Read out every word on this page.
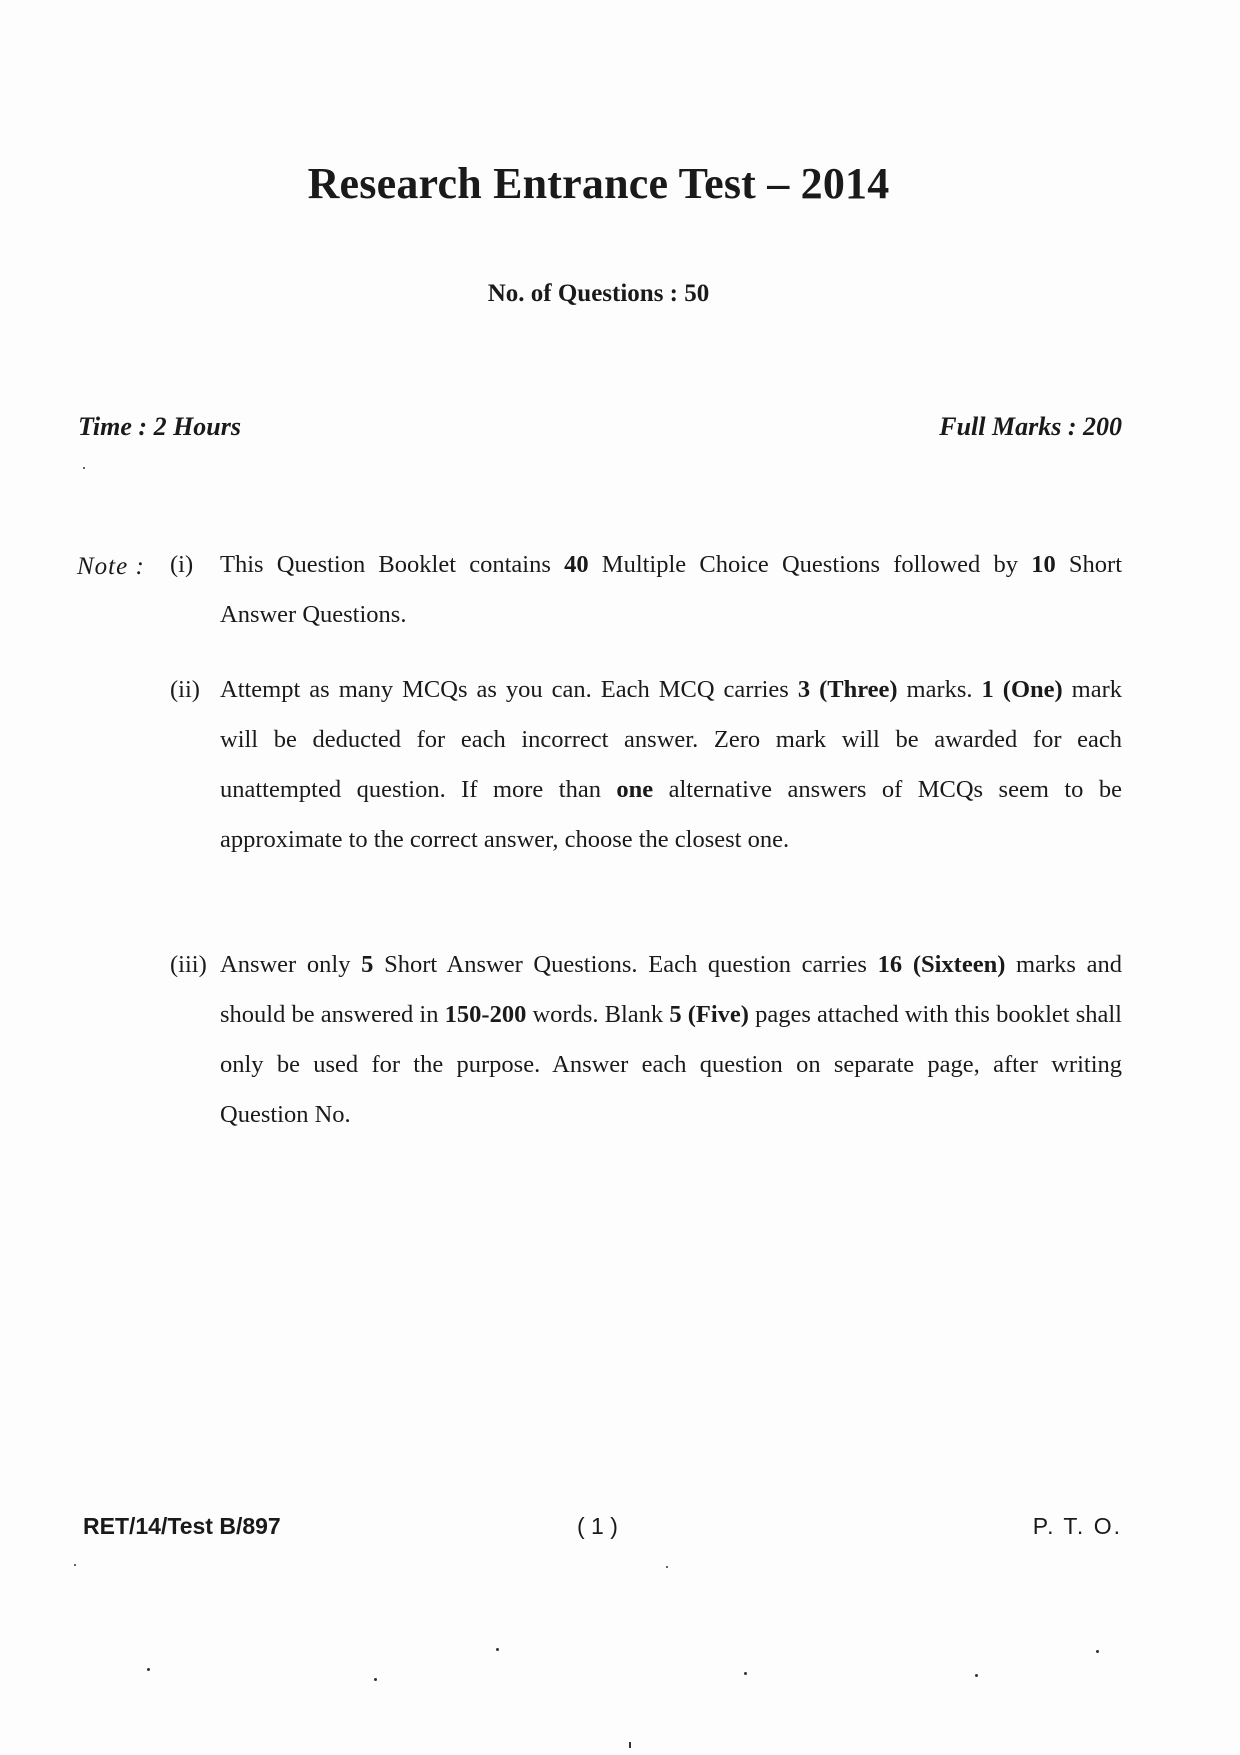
Research Entrance Test – 2014
No. of Questions : 50
Time : 2 Hours	Full Marks : 200
Note : (i) This Question Booklet contains 40 Multiple Choice Questions followed by 10 Short Answer Questions.
(ii) Attempt as many MCQs as you can. Each MCQ carries 3 (Three) marks. 1 (One) mark will be deducted for each incorrect answer. Zero mark will be awarded for each unattempted question. If more than one alternative answers of MCQs seem to be approximate to the correct answer, choose the closest one.
(iii) Answer only 5 Short Answer Questions. Each question carries 16 (Sixteen) marks and should be answered in 150-200 words. Blank 5 (Five) pages attached with this booklet shall only be used for the purpose. Answer each question on separate page, after writing Question No.
RET/14/Test B/897	( 1 )	P. T. O.
